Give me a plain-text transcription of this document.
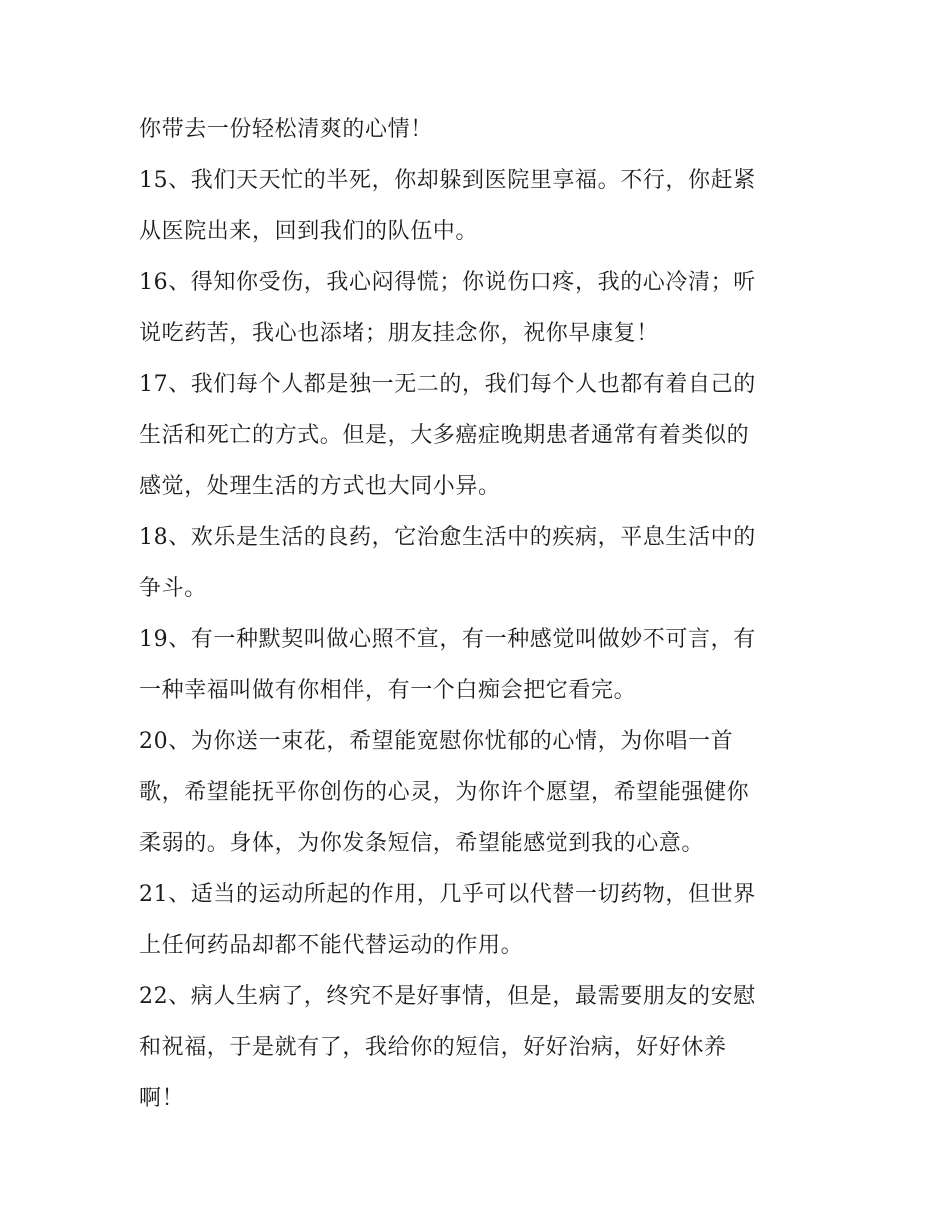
你带去一份轻松清爽的心情！
15、我们天天忙的半死，你却躲到医院里享福。不行，你赶紧
从医院出来，回到我们的队伍中。
16、得知你受伤，我心闷得慌；你说伤口疼，我的心冷清；听
说吃药苦，我心也添堵；朋友挂念你，祝你早康复！
17、我们每个人都是独一无二的，我们每个人也都有着自己的
生活和死亡的方式。但是，大多癌症晚期患者通常有着类似的
感觉，处理生活的方式也大同小异。
18、欢乐是生活的良药，它治愈生活中的疾病，平息生活中的
争斗。
19、有一种默契叫做心照不宣，有一种感觉叫做妙不可言，有
一种幸福叫做有你相伴，有一个白痴会把它看完。
20、为你送一束花，希望能宽慰你忧郁的心情，为你唱一首
歌，希望能抚平你创伤的心灵，为你许个愿望，希望能强健你
柔弱的。身体，为你发条短信，希望能感觉到我的心意。
21、适当的运动所起的作用，几乎可以代替一切药物，但世界
上任何药品却都不能代替运动的作用。
22、病人生病了，终究不是好事情，但是，最需要朋友的安慰
和祝福，于是就有了，我给你的短信，好好治病，好好休养
啊！
